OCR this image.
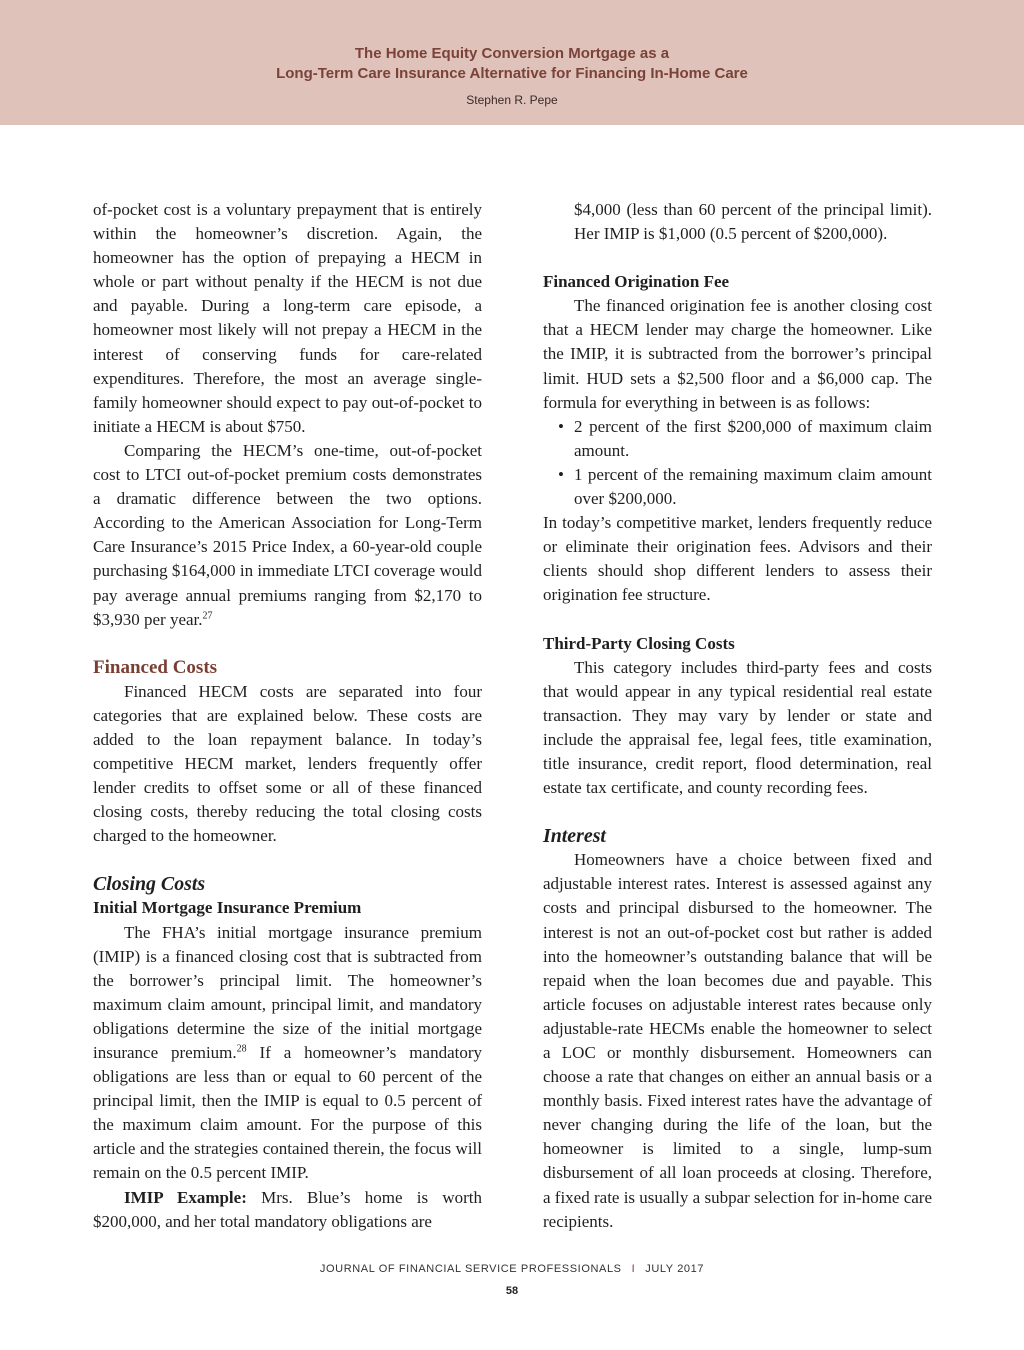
The Home Equity Conversion Mortgage as a
Long-Term Care Insurance Alternative for Financing In-Home Care
Stephen R. Pepe

of-pocket cost is a voluntary prepayment that is entirely within the homeowner’s discretion. Again, the homeowner has the option of prepaying a HECM in whole or part without penalty if the HECM is not due and payable. During a long-term care episode, a homeowner most likely will not prepay a HECM in the interest of conserving funds for care-related expenditures. Therefore, the most an average single-family homeowner should expect to pay out-of-pocket to initiate a HECM is about $750.

Comparing the HECM’s one-time, out-of-pocket cost to LTCI out-of-pocket premium costs demonstrates a dramatic difference between the two options. According to the American Association for Long-Term Care Insurance’s 2015 Price Index, a 60-year-old couple purchasing $164,000 in immediate LTCI coverage would pay average annual premiums ranging from $2,170 to $3,930 per year.$^{27}$

Financed Costs

Financed HECM costs are separated into four categories that are explained below. These costs are added to the loan repayment balance. In today’s competitive HECM market, lenders frequently offer lender credits to offset some or all of these financed closing costs, thereby reducing the total closing costs charged to the homeowner.

Closing Costs
Initial Mortgage Insurance Premium

The FHA’s initial mortgage insurance premium (IMIP) is a financed closing cost that is subtracted from the borrower’s principal limit. The homeowner’s maximum claim amount, principal limit, and mandatory obligations determine the size of the initial mortgage insurance premium.$^{28}$ If a homeowner’s mandatory obligations are less than or equal to 60 percent of the principal limit, then the IMIP is equal to 0.5 percent of the maximum claim amount. For the purpose of this article and the strategies contained therein, the focus will remain on the 0.5 percent IMIP.

IMIP Example: Mrs. Blue’s home is worth $200,000, and her total mandatory obligations are

$4,000 (less than 60 percent of the principal limit). Her IMIP is $1,000 (0.5 percent of $200,000).

Financed Origination Fee

The financed origination fee is another closing cost that a HECM lender may charge the homeowner. Like the IMIP, it is subtracted from the borrower’s principal limit. HUD sets a $2,500 floor and a $6,000 cap. The formula for everything in between is as follows:

• 2 percent of the first $200,000 of maximum claim amount.
• 1 percent of the remaining maximum claim amount over $200,000.

In today’s competitive market, lenders frequently reduce or eliminate their origination fees. Advisors and their clients should shop different lenders to assess their origination fee structure.

Third-Party Closing Costs

This category includes third-party fees and costs that would appear in any typical residential real estate transaction. They may vary by lender or state and include the appraisal fee, legal fees, title examination, title insurance, credit report, flood determination, real estate tax certificate, and county recording fees.

Interest

Homeowners have a choice between fixed and adjustable interest rates. Interest is assessed against any costs and principal disbursed to the homeowner. The interest is not an out-of-pocket cost but rather is added into the homeowner’s outstanding balance that will be repaid when the loan becomes due and payable. This article focuses on adjustable interest rates because only adjustable-rate HECMs enable the homeowner to select a LOC or monthly disbursement. Homeowners can choose a rate that changes on either an annual basis or a monthly basis. Fixed interest rates have the advantage of never changing during the life of the loan, but the homeowner is limited to a single, lump-sum disbursement of all loan proceeds at closing. Therefore, a fixed rate is usually a subpar selection for in-home care recipients.

JOURNAL OF FINANCIAL SERVICE PROFESSIONALS I JULY 2017
58
